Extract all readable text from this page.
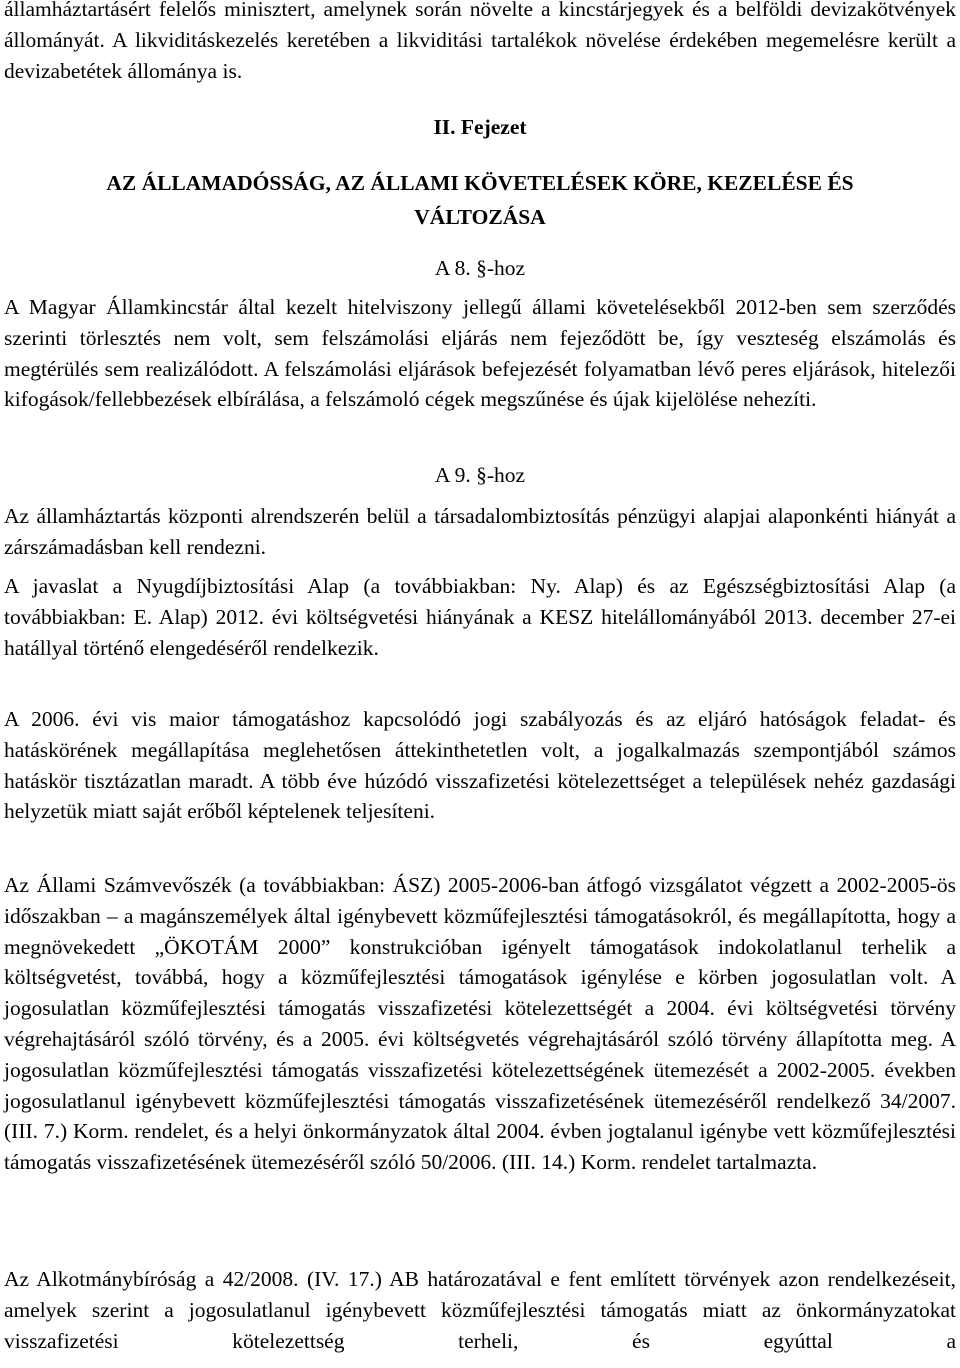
államháztartásért felelős minisztert, amelynek során növelte a kincstárjegyek és a belföldi devizakötvények állományát. A likviditáskezelés keretében a likviditási tartalékok növelése érdekében megemelésre került a devizabetétek állománya is.

II. Fejezet

AZ ÁLLAMADÓSSÁG, AZ ÁLLAMI KÖVETELÉSEK KÖRE, KEZELÉSE ÉS
VÁLTOZÁSA

A 8. §-hoz

A Magyar Államkincstár által kezelt hitelviszony jellegű állami követelésekből 2012-ben sem szerződés szerinti törlesztés nem volt, sem felszámolási eljárás nem fejeződött be, így veszteség elszámolás és megtérülés sem realizálódott. A felszámolási eljárások befejezését folyamatban lévő peres eljárások, hitelezői kifogások/fellebbezések elbírálása, a felszámoló cégek megszűnése és újak kijelölése nehezíti.

A 9. §-hoz

Az államháztartás központi alrendszerén belül a társadalombiztosítás pénzügyi alapjai alaponkénti hiányát a zárszámadásban kell rendezni.

A javaslat a Nyugdíjbiztosítási Alap (a továbbiakban: Ny. Alap) és az Egészségbiztosítási Alap (a továbbiakban: E. Alap) 2012. évi költségvetési hiányának a KESZ hitelállományából 2013. december 27-ei hatállyal történő elengedéséről rendelkezik.

A 2006. évi vis maior támogatáshoz kapcsolódó jogi szabályozás és az eljáró hatóságok feladat- és hatáskörének megállapítása meglehetősen áttekinthetetlen volt, a jogalkalmazás szempontjából számos hatáskör tisztázatlan maradt. A több éve húzódó visszafizetési kötelezettséget a települések nehéz gazdasági helyzetük miatt saját erőből képtelenek teljesíteni.

Az Állami Számvevőszék (a továbbiakban: ÁSZ) 2005-2006-ban átfogó vizsgálatot végzett a 2002-2005-ös időszakban – a magánszemélyek által igénybevett közműfejlesztési támogatásokról, és megállapította, hogy a megnövekedett „ÖKOTÁM 2000” konstrukcióban igényelt támogatások indokolatlanul terhelik a költségvetést, továbbá, hogy a közműfejlesztési támogatások igénylése e körben jogosulatlan volt. A jogosulatlan közműfejlesztési támogatás visszafizetési kötelezettségét a 2004. évi költségvetési törvény végrehajtásáról szóló törvény, és a 2005. évi költségvetés végrehajtásáról szóló törvény állapította meg. A jogosulatlan közműfejlesztési támogatás visszafizetési kötelezettségének ütemezését a 2002-2005. években jogosulatlanul igénybevett közműfejlesztési támogatás visszafizetésének ütemezéséről rendelkező 34/2007. (III. 7.) Korm. rendelet, és a helyi önkormányzatok által 2004. évben jogtalanul igénybe vett közműfejlesztési támogatás visszafizetésének ütemezéséről szóló 50/2006. (III. 14.) Korm. rendelet tartalmazta.

Az Alkotmánybíróság a 42/2008. (IV. 17.) AB határozatával e fent említett törvények azon rendelkezéseit, amelyek szerint a jogosulatlanul igénybevett közműfejlesztési támogatás miatt az önkormányzatokat visszafizetési kötelezettség terheli, és egyúttal a
